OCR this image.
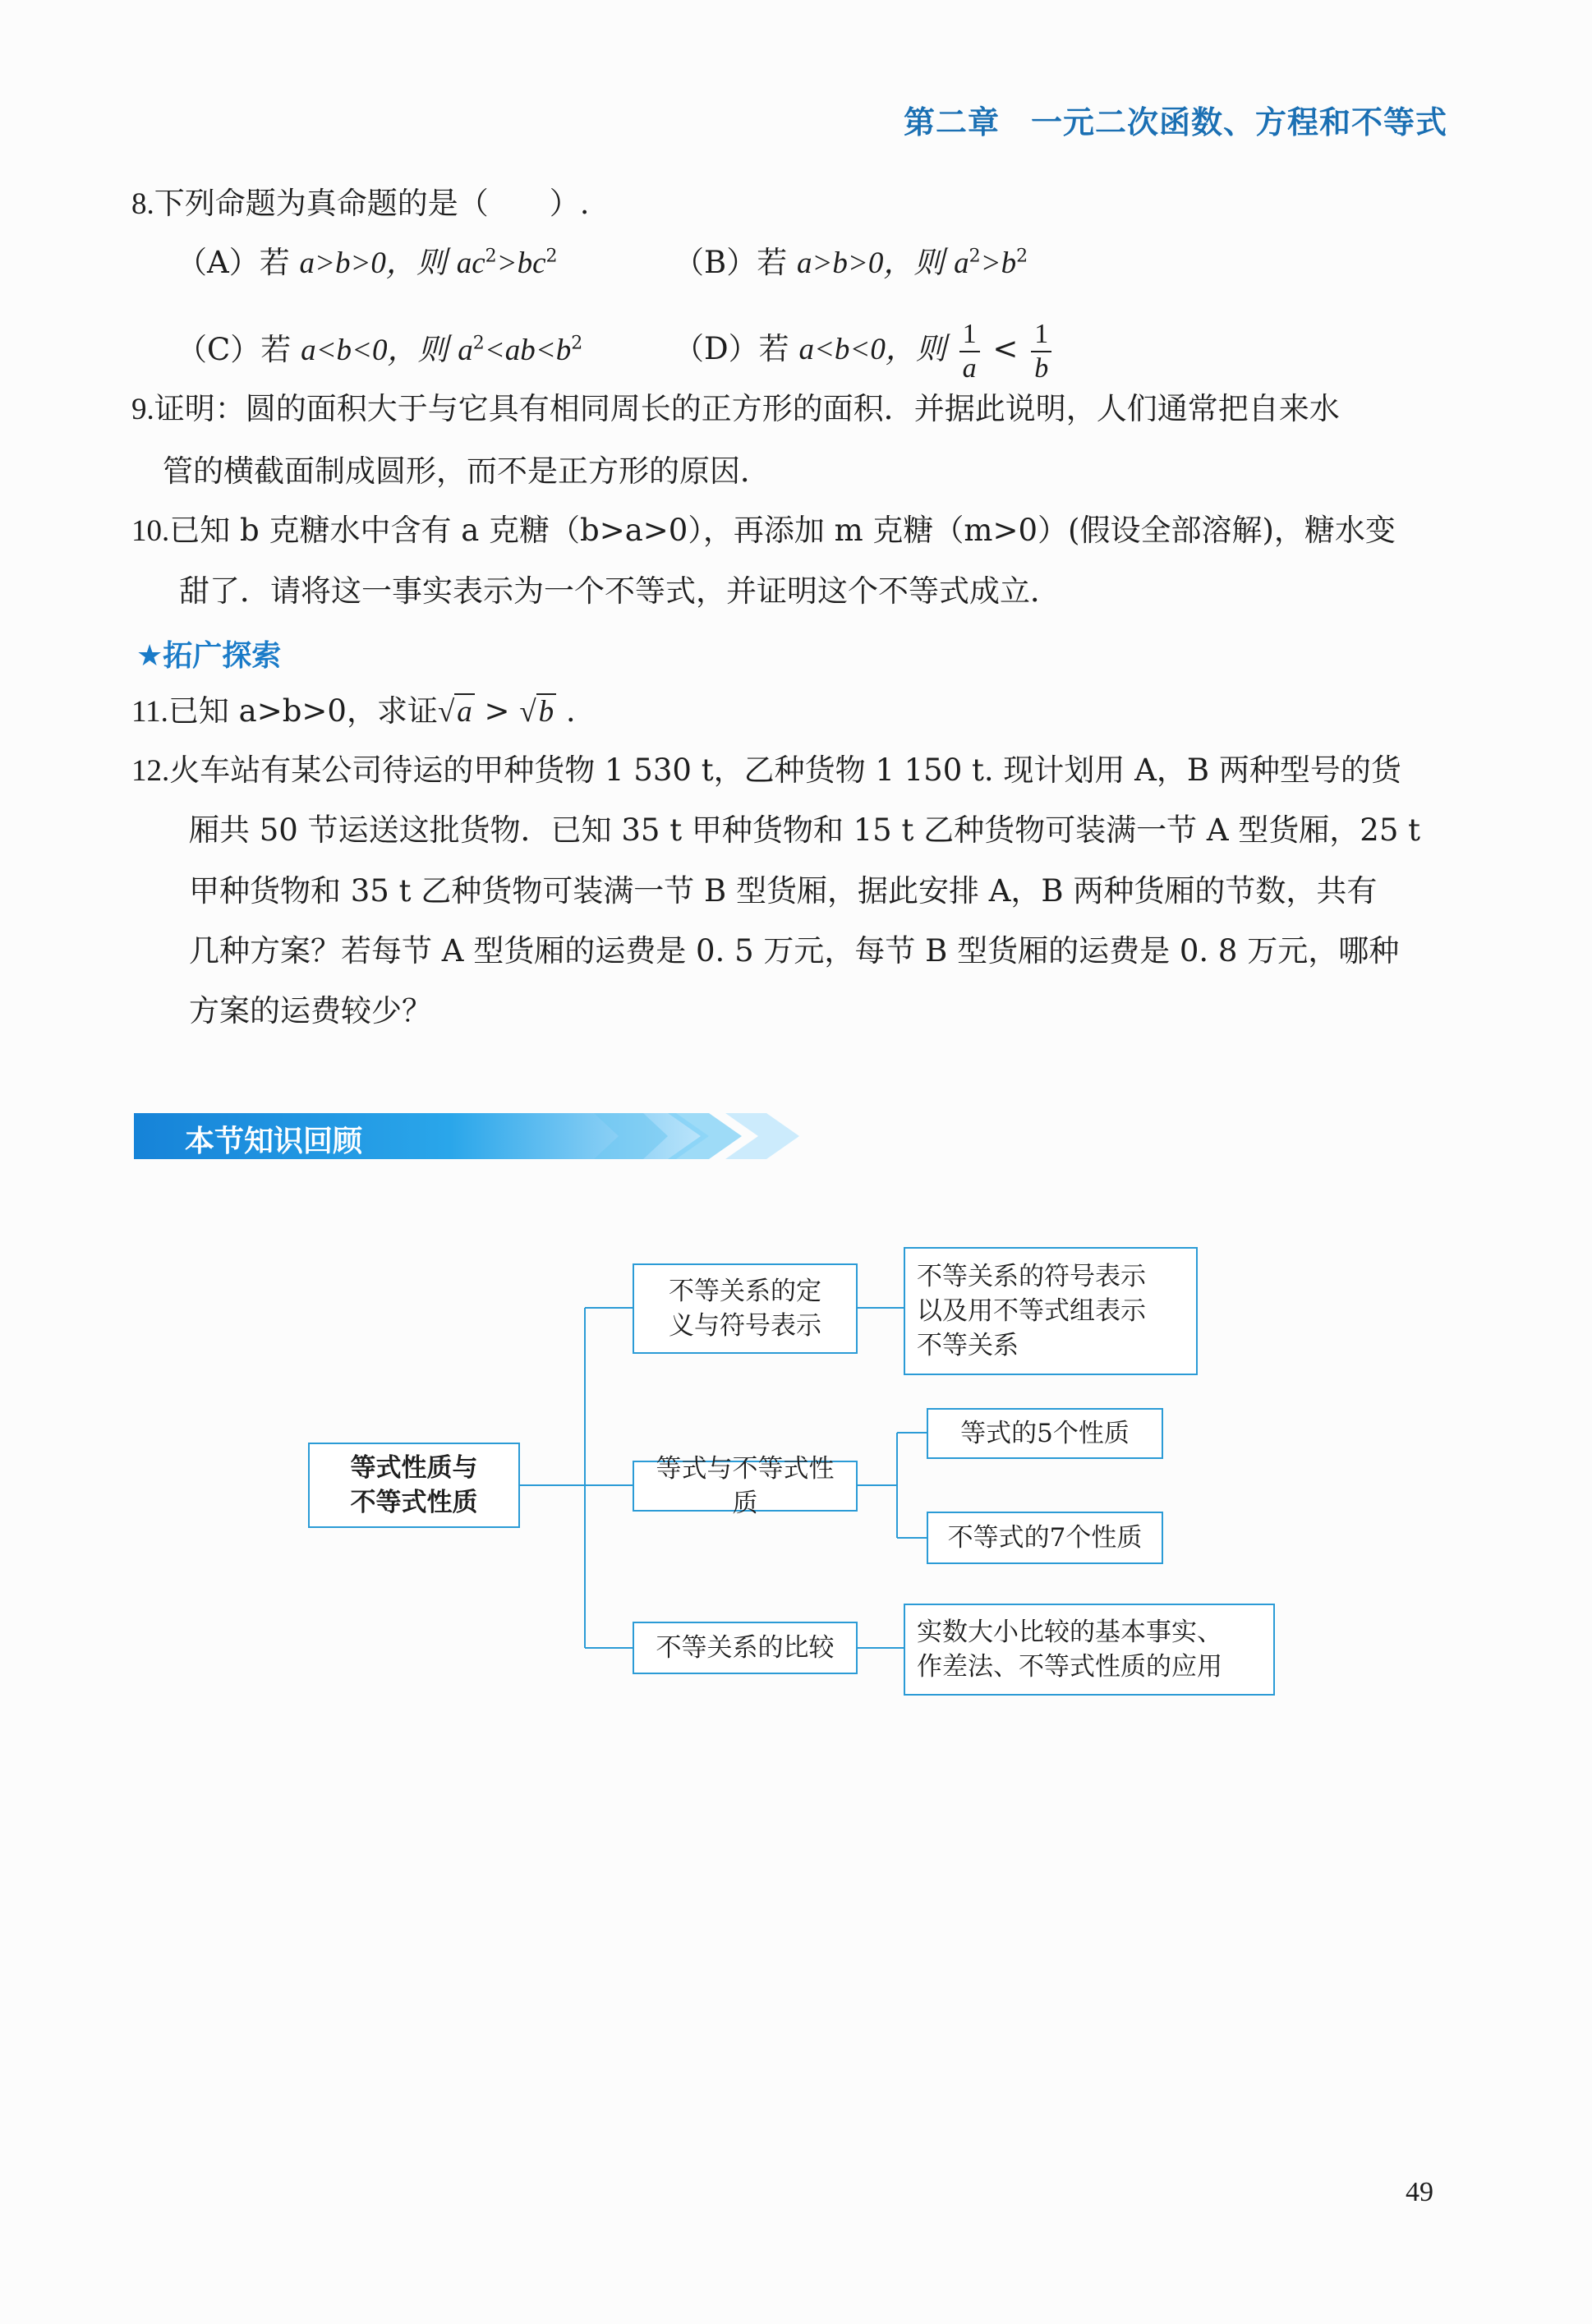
第二章 一元二次函数、方程和不等式
8.下列命题为真命题的是（　　）.
（A）若 a>b>0，则 $ac^2>bc^2$	（B）若 a>b>0，则 $a^2>b^2$
（C）若 a<b<0，则 $a^2<ab<b^2$	（D）若 a<b<0，则 $\frac{1}{a} < \frac{1}{b}$
9.证明：圆的面积大于与它具有相同周长的正方形的面积．并据此说明，人们通常把自来水
管的横截面制成圆形，而不是正方形的原因．
10.已知 b 克糖水中含有 a 克糖（b>a>0），再添加 m 克糖（m>0）(假设全部溶解)，糖水变
甜了．请将这一事实表示为一个不等式，并证明这个不等式成立．
★拓广探索
11.已知 a>b>0，求证√a > √b .
12.火车站有某公司待运的甲种货物 1 530 t，乙种货物 1 150 t. 现计划用 A，B 两种型号的货
厢共 50 节运送这批货物．已知 35 t 甲种货物和 15 t 乙种货物可装满一节 A 型货厢，25 t
甲种货物和 35 t 乙种货物可装满一节 B 型货厢，据此安排 A，B 两种货厢的节数，共有
几种方案？若每节 A 型货厢的运费是 0. 5 万元，每节 B 型货厢的运费是 0. 8 万元，哪种
方案的运费较少？
本节知识回顾
等式性质与
不等式性质
不等关系的定
义与符号表示
不等关系的符号表示
以及用不等式组表示
不等关系
等式与不等式性质
等式的5个性质
不等式的7个性质
不等关系的比较
实数大小比较的基本事实、
作差法、不等式性质的应用
49
